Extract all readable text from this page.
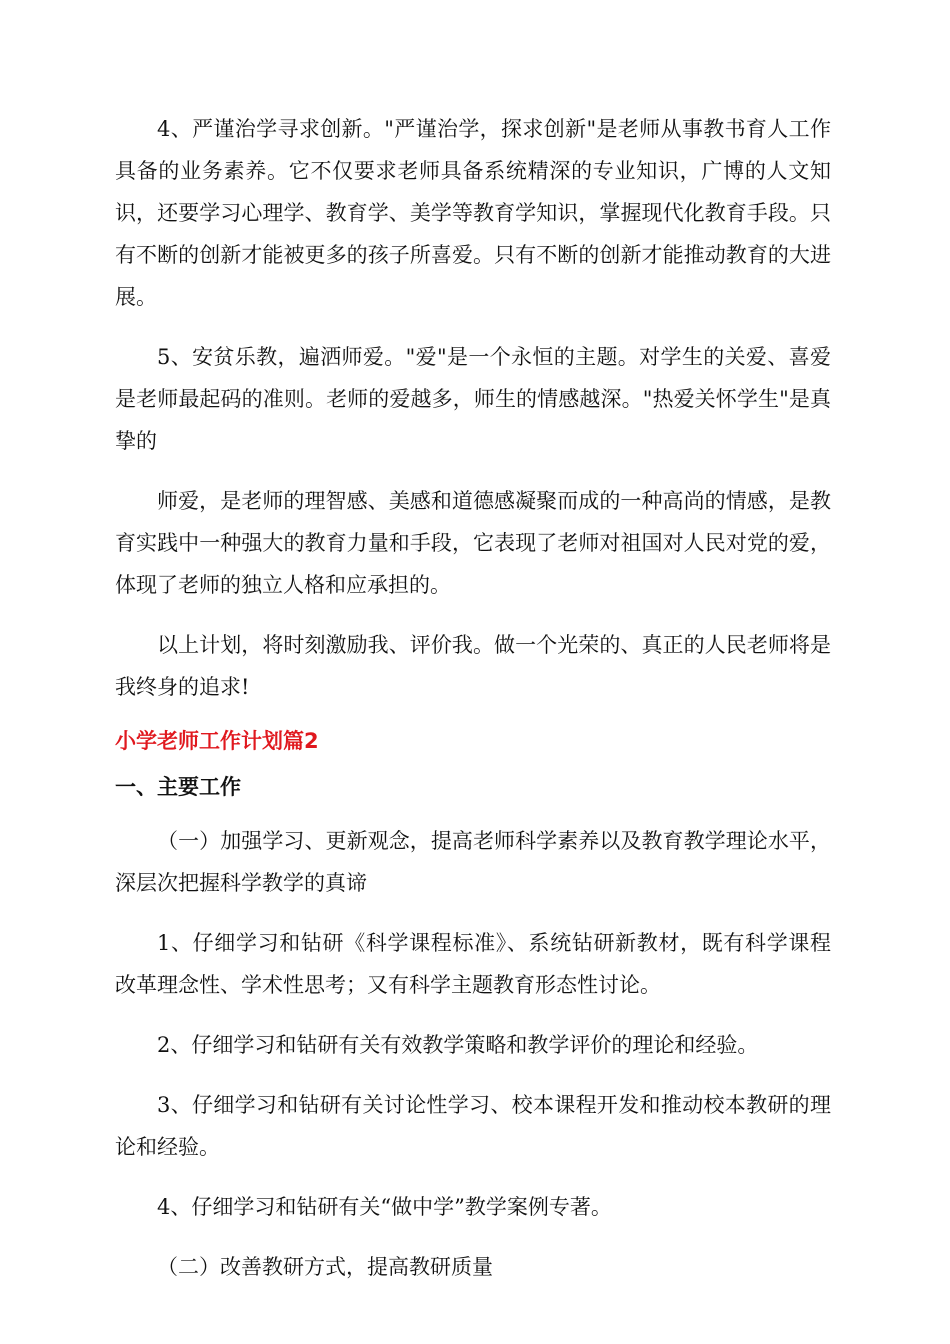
4、严谨治学寻求创新。"严谨治学，探求创新"是老师从事教书育人工作具备的业务素养。它不仅要求老师具备系统精深的专业知识，广博的人文知识，还要学习心理学、教育学、美学等教育学知识，掌握现代化教育手段。只有不断的创新才能被更多的孩子所喜爱。只有不断的创新才能推动教育的大进展。

5、安贫乐教，遍洒师爱。"爱"是一个永恒的主题。对学生的关爱、喜爱是老师最起码的准则。老师的爱越多，师生的情感越深。"热爱关怀学生"是真挚的

师爱，是老师的理智感、美感和道德感凝聚而成的一种高尚的情感，是教育实践中一种强大的教育力量和手段，它表现了老师对祖国对人民对党的爱，体现了老师的独立人格和应承担的。

以上计划，将时刻激励我、评价我。做一个光荣的、真正的人民老师将是我终身的追求!

小学老师工作计划篇2

一、主要工作

（一）加强学习、更新观念，提高老师科学素养以及教育教学理论水平，深层次把握科学教学的真谛

1、仔细学习和钻研《科学课程标准》、系统钻研新教材，既有科学课程改革理念性、学术性思考；又有科学主题教育形态性讨论。

2、仔细学习和钻研有关有效教学策略和教学评价的理论和经验。

3、仔细学习和钻研有关讨论性学习、校本课程开发和推动校本教研的理论和经验。

4、仔细学习和钻研有关“做中学”教学案例专著。

（二）改善教研方式，提高教研质量
